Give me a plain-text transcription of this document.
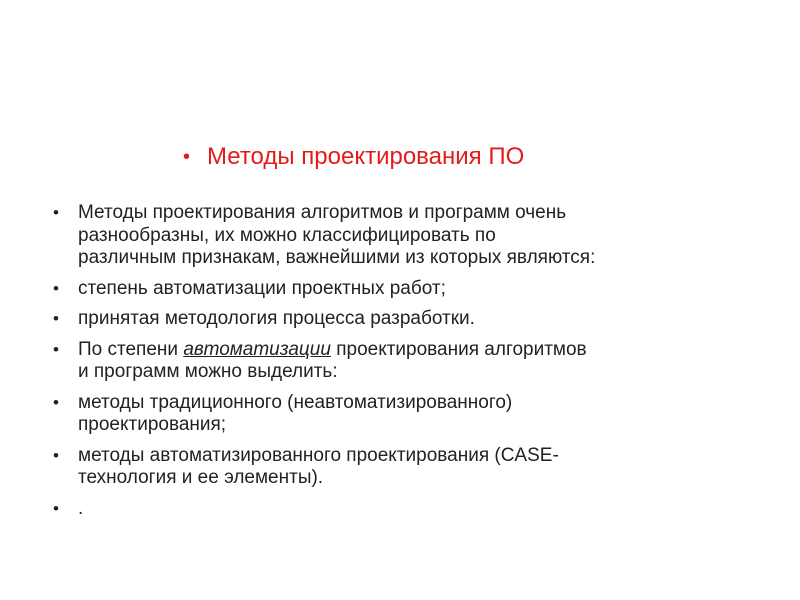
• Методы проектирования ПО
•	Методы проектирования алгоритмов и программ очень
разнообразны, их можно классифицировать по
различным признакам, важнейшими из которых являются:
•	степень автоматизации проектных работ;
•	принятая методология процесса разработки.
•	По степени автоматизации проектирования алгоритмов
и программ можно выделить:
•	методы традиционного (неавтоматизированного)
проектирования;
•	методы автоматизированного проектирования (CASE-
технология и ее элементы).
•	.
